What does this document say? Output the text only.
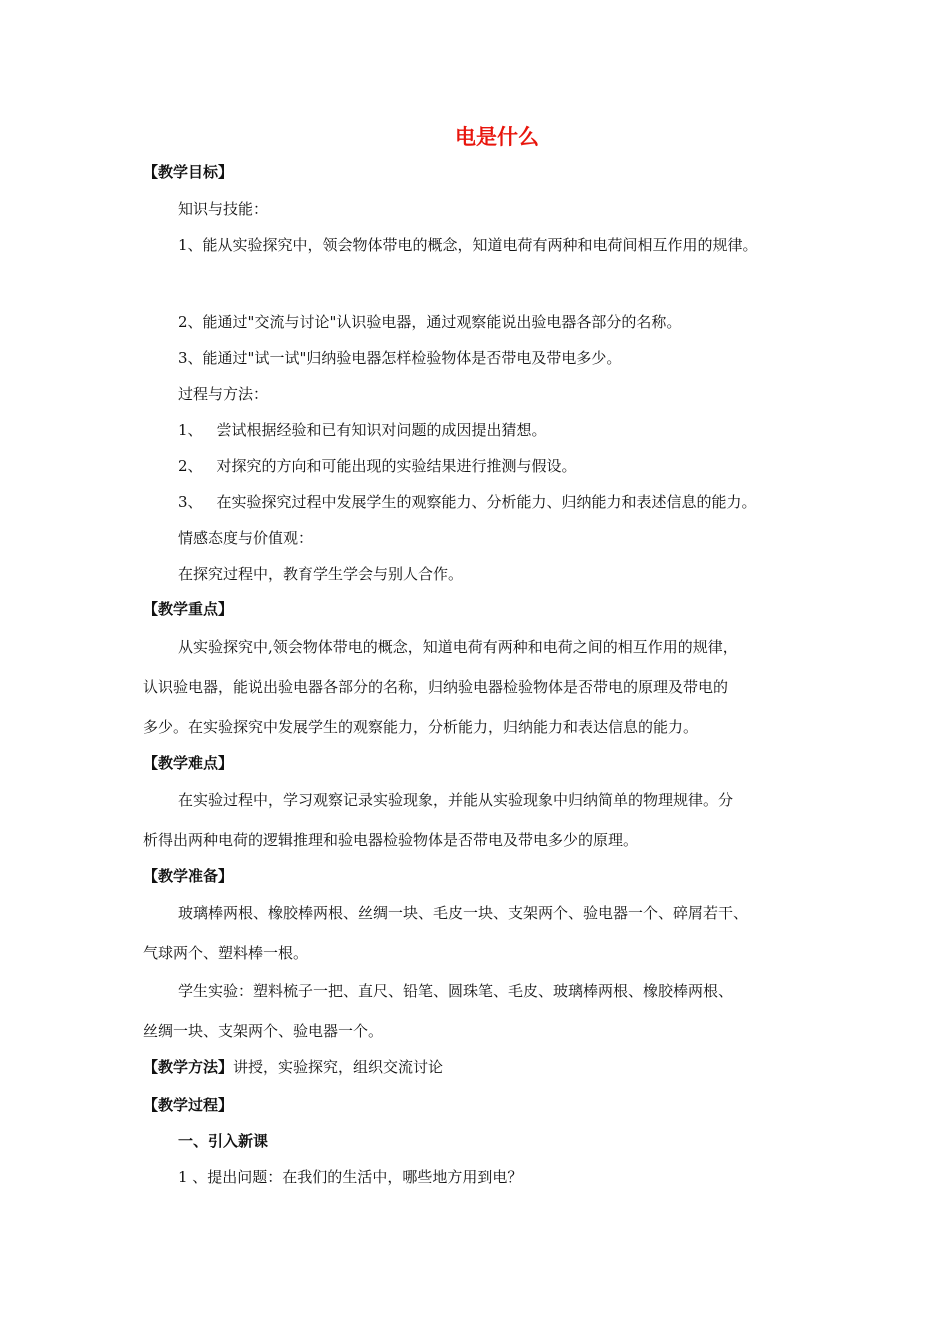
电是什么

【教学目标】

知识与技能：

1、能从实验探究中，领会物体带电的概念，知道电荷有两种和电荷间相互作用的规律。

2、能通过"交流与讨论"认识验电器，通过观察能说出验电器各部分的名称。

3、能通过"试一试"归纳验电器怎样检验物体是否带电及带电多少。

过程与方法：

1、 尝试根据经验和已有知识对问题的成因提出猜想。

2、 对探究的方向和可能出现的实验结果进行推测与假设。

3、 在实验探究过程中发展学生的观察能力、分析能力、归纳能力和表述信息的能力。

情感态度与价值观：

在探究过程中，教育学生学会与别人合作。

【教学重点】

从实验探究中,领会物体带电的概念，知道电荷有两种和电荷之间的相互作用的规律，

认识验电器，能说出验电器各部分的名称，归纳验电器检验物体是否带电的原理及带电的

多少。在实验探究中发展学生的观察能力，分析能力，归纳能力和表达信息的能力。

【教学难点】

在实验过程中，学习观察记录实验现象，并能从实验现象中归纳简单的物理规律。分

析得出两种电荷的逻辑推理和验电器检验物体是否带电及带电多少的原理。

【教学准备】

玻璃棒两根、橡胶棒两根、丝绸一块、毛皮一块、支架两个、验电器一个、碎屑若干、

气球两个、塑料棒一根。

学生实验：塑料梳子一把、直尺、铅笔、圆珠笔、毛皮、玻璃棒两根、橡胶棒两根、

丝绸一块、支架两个、验电器一个。

【教学方法】讲授，实验探究，组织交流讨论

【教学过程】

一、引入新课

1 、提出问题：在我们的生活中，哪些地方用到电？
